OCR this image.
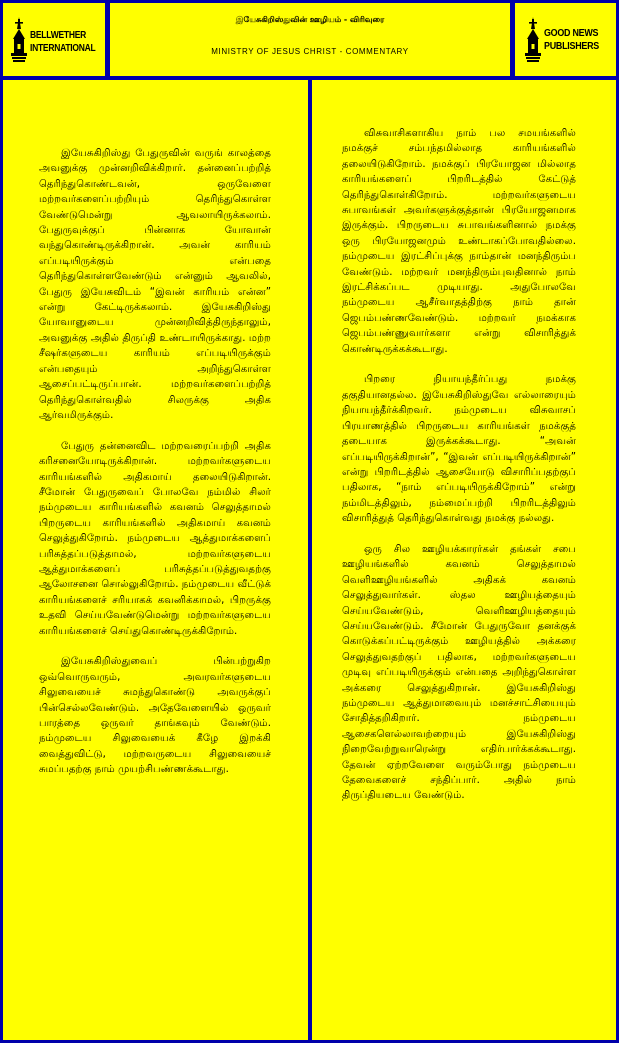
BELLWETHER
INTERNATIONAL
இயேசுகிறிஸ்துவின் ஊழியம் - விரிவுரை
MINISTRY OF JESUS CHRIST - COMMENTARY
GOOD NEWS
PUBLISHERS

இயேசுகிறிஸ்து பேதுருவின் வருங் காலத்தை அவனுக்கு முன்னறிவிக்கிறார். தன்னைப்பற்றித் தெரிந்துகொண்டவன், ஒருவேளை மற்றவர்களைப்பற்றியும் தெரிந்துகொள்ள வேண்டுமென்று ஆவலாயிருக்கலாம். பேதுருவுக்குப் பின்னாக யோவான் வந்துகொண்டிருக்கிறான். அவன் காரியம் எப்படியிருக்கும் என்பதை தெரிந்துகொள்ளவேண்டும் என்னும் ஆவலில், பேதுரு இயேசுவிடம் “இவன் காரியம் என்ன” என்று கேட்டிருக்கலாம். இயேசுகிறிஸ்து யோவானுடைய முன்னறிவித்திருந்தாலும், அவனுக்கு அதில் திருப்தி உண்டாயிருக்காது. மற்ற சீஷர்களுடைய காரியம் எப்படியிருக்கும் என்பதையும் அறிந்துகொள்ள ஆசைப்பட்டிருப்பான். மற்றவர்களைப்பற்றித் தெரிந்துகொள்வதில் சிலருக்கு அதிக ஆர்வமிருக்கும்.

பேதுரு தன்னைவிட மற்றவரைப்பற்றி அதிக கரிசனையோடிருக்கிறான். மற்றவர்களுடைய காரியங்களில் அதிகமாய் தலையிடுகிறான். சீமோன் பேதுருவைப் போலவே நம்மில் சிலர் நம்முடைய காரியங்களில் கவனம் செலுத்தாமல் பிறருடைய காரியங்களில் அதிகமாய் கவனம் செலுத்துகிறோம். நம்முடைய ஆத்துமாக்களைப் பரிசுத்தப்படுத்தாமல், மற்றவர்களுடைய ஆத்துமாக்களைப் பரிசுத்தப்படுத்துவதற்கு ஆலோசனை சொல்லுகிறோம். நம்முடைய வீட்டுக் காரியங்களைச் சரியாகக் கவனிக்காமல், பிறருக்கு உதவி செய்யவேண்டுமென்று மற்றவர்களுடைய காரியங்களைச் செய்துகொண்டிருக்கிறோம்.

இயேசுகிறிஸ்துவைப் பின்பற்றுகிற ஒவ்வொருவரும், அவரவர்களுடைய சிலுவையைச் சுமந்துகொண்டு அவருக்குப் பின்செல்லவேண்டும். அதேவேளையில் ஒருவர் பாரத்தை ஒருவர் தாங்கவும் வேண்டும். நம்முடைய சிலுவையைக் கீழே இறக்கி வைத்துவிட்டு, மற்றவருடைய சிலுவையைச் சுமப்பதற்கு நாம் முயற்சிபண்ணக்கூடாது.

விசுவாசிகளாகிய நாம் பல சமயங்களில் நமக்குச் சம்பந்தமில்லாத காரியங்களில் தலையிடுகிறோம். நமக்குப் பிரயோஜன மில்லாத காரியங்களைப் பிறரிடத்தில் கேட்டுத் தெரிந்துகொள்கிறோம். மற்றவர்களுடைய சுபாவங்கள் அவர்களுக்குத்தான் பிரயோஜனமாக இருக்கும். பிறருடைய சுபாவங்களினால் நமக்கு ஒரு பிரயோஜனமும் உண்டாகப்போவதில்லை. நம்முடைய இரட்சிப்புக்கு நாம்தான் மனந்திரும்ப வேண்டும். மற்றவர் மனந்திரும்புவதினால் நாம் இரட்சிக்கப்பட முடியாது. அதுபோலவே நம்முடைய ஆசீர்வாதத்திற்கு நாம் தான் ஜெபம்பண்ணவேண்டும். மற்றவர் நமக்காக ஜெபம்பண்ணுவார்களா என்று விசாரித்துக் கொண்டிருக்கக்கூடாது.

பிறரை நியாயந்தீர்ப்பது நமக்கு தகுதியானதல்ல. இயேசுகிறிஸ்துவே எல்லாரையும் நியாயந்தீர்க்கிறவர். நம்முடைய விசுவாசப் பிரயாணத்தில் பிறருடைய காரியங்கள் நமக்குத் தடையாக இருக்கக்கூடாது. “அவன் எப்படியிருக்கிறான்”, “இவன் எப்படியிருக்கிறான்” என்று பிறரிடத்தில் ஆசையோடு விசாரிப்பதற்குப் பதிலாக, “நாம் எப்படியிருக்கிறோம்” என்று நம்மிடத்திலும், நம்மைப்பற்றி பிறரிடத்திலும் விசாரித்துத் தெரிந்துகொள்வது நமக்கு நல்லது.

ஒரு சில ஊழியக்காரர்கள் தங்கள் சபை ஊழியங்களில் கவனம் செலுத்தாமல் வெளிஊழியங்களில் அதிகக் கவனம் செலுத்துவார்கள். ஸ்தல ஊழியத்தையும் செய்யவேண்டும், வெளிஊழியத்தையும் செய்யவேண்டும். சீமோன் பேதுருவோ தனக்குக் கொடுக்கப்பட்டிருக்கும் ஊழியத்தில் அக்கரை செலுத்துவதற்குப் பதிலாக, மற்றவர்களுடைய முடிவு எப்படியிருக்கும் என்பதை அறிந்துகொள்ள அக்கரை செலுத்துகிறான். இயேசுகிறிஸ்து நம்முடைய ஆத்துமாவையும் மனச்சாட்சியையும் சோதித்தறிகிறார். நம்முடைய ஆசைகளெல்லாவற்றையும் இயேசுகிறிஸ்து நிறைவேற்றுவாரென்று எதிர்பார்க்கக்கூடாது. தேவன் ஏற்றவேளை வரும்போது நம்முடைய தேவைகளைச் சந்திப்பார். அதில் நாம் திருப்தியடைய வேண்டும்.
